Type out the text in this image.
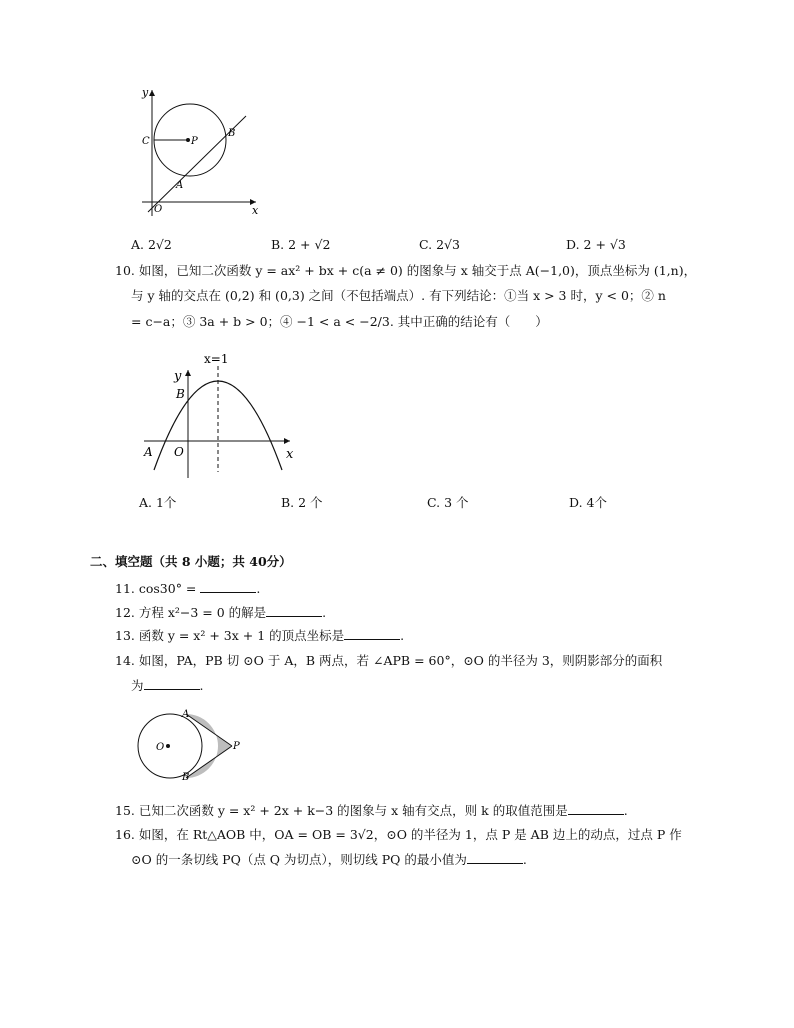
y
x
O
C	P
B
A
A. 2√2	B. 2 + √2	C. 2√3	D. 2 + √3
10. 如图，已知二次函数 y = ax² + bx + c(a ≠ 0) 的图象与 x 轴交于点 A(−1,0)，顶点坐标为 (1,n)，
与 y 轴的交点在 (0,2) 和 (0,3) 之间（不包括端点）. 有下列结论：①当 x > 3 时，y < 0；② n
= c−a；③ 3a + b > 0；④ −1 < a < −2/3. 其中正确的结论有（　　）
x=1
y
B
A O	x
A. 1个	B. 2 个	C. 3 个	D. 4个
二、填空题（共 8 小题；共 40分）
11. cos30° =	.
12. 方程 x²−3 = 0 的解是	.
13. 函数 y = x² + 3x + 1 的顶点坐标是	.
14. 如图，PA，PB 切 ⊙O 于 A，B 两点，若 ∠APB = 60°，⊙O 的半径为 3，则阴影部分的面积
为	.
A
O	P
B
15. 已知二次函数 y = x² + 2x + k−3 的图象与 x 轴有交点，则 k 的取值范围是	.
16. 如图，在 Rt△AOB 中，OA = OB = 3√2，⊙O 的半径为 1，点 P 是 AB 边上的动点，过点 P 作
⊙O 的一条切线 PQ（点 Q 为切点），则切线 PQ 的最小值为	.
